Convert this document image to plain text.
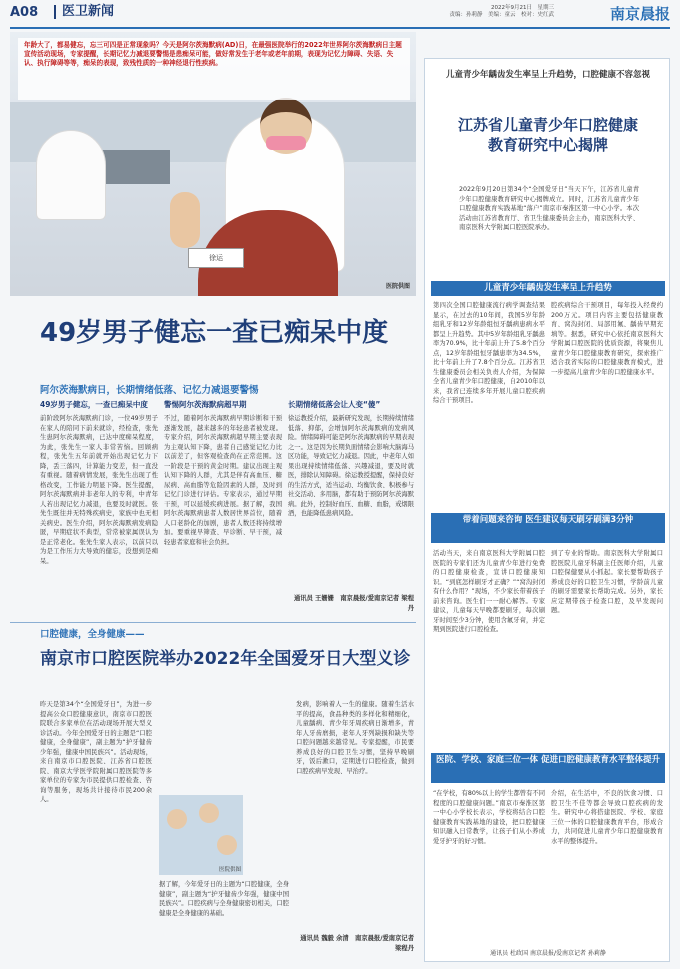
A08	医卫新闻	2022年9月21日　星期三
责编：孙莉静　美编：童云　校对：史红武	南京晨报
徐运
年龄大了，都易健忘，忘三可四是正常现象吗？今天是阿尔茨海默病(AD)日，在最强医院举行的2022年世界阿尔茨海默病日主题宣传活动现场，专家提醒，长期记忆力减退要警惕是患痴呆可能，做好常发生于老年或老年前期，表现为记忆力障碍、失语、失认、执行障碍等等，痴呆的表现，致残性质的一种神经退行性疾病。
医院供图
49岁男子健忘一查已痴呆中度
阿尔茨海默病日，长期情绪低落、记忆力减退要警惕
49岁男子健忘，一查已痴呆中度
前阶段阿尔茨海默病门诊，一位49岁男子在家人的陪同下前来就诊，经检查，张先生患阿尔茨海默病，已达中度痴呆程度，为此，张先生一家人非常苦恼。回顾病程，张先生五年前就开始出现记忆力下降，丢三落四，计算能力变差，但一直没有重视。随着病情发展，张先生出现了性格改变，工作能力明显下降。医生提醒，阿尔茨海默病并非老年人的专利，中青年人若出现记忆力减退，也要及时就医。张先生既往并无特殊疾病史，家族中也无相关病史。医生介绍，阿尔茨海默病发病隐匿，早期症状不典型，常常被家属误认为是正常老化。张先生家人表示，以前只以为是工作压力大导致的健忘，没想到是痴呆。
警惕阿尔茨海默病超早期
不过，随着阿尔茨海默病早期诊断和干预逐渐发展，越来越多的年轻患者被发现。专家介绍，阿尔茨海默病超早期主要表现为主观认知下降，患者自己感觉记忆力比以前差了，但客观检查尚在正常范围。这一阶段是干预的黄金时期。建议出现主观认知下降的人群，尤其是伴有高血压、糖尿病、高血脂等危险因素的人群，及时到记忆门诊进行评估。专家表示，通过早期干预，可以延缓疾病进展。据了解，我国阿尔茨海默病患者人数居世界首位，随着人口老龄化的加剧，患者人数还将持续增加。要重视早筛查、早诊断、早干预，减轻患者家庭和社会负担。
长期情绪低落会让人变“傻”
徐运教授介绍，最新研究发现，长期持续情绪低落、抑郁，会增加阿尔茨海默病的发病风险。情绪障碍可能是阿尔茨海默病的早期表现之一。这是因为长期负面情绪会影响大脑海马区功能，导致记忆力减退。因此，中老年人如果出现持续情绪低落、兴趣减退，要及时就医，排除认知障碍。徐运教授提醒，保持良好的生活方式，适当运动、均衡饮食、积极参与社交活动、多用脑，都有助于预防阿尔茨海默病。此外，控制好血压、血糖、血脂，戒烟限酒，也能降低患病风险。
通讯员 王姗姗　南京晨报/爱南京记者 梁程丹
口腔健康，全身健康——
南京市口腔医院举办2022年全国爱牙日大型义诊
昨天是第34个“全国爱牙日”，为进一步提高公众口腔健康意识，南京市口腔医院联合多家单位在活动现场开展大型义诊活动。今年全国爱牙日的主题是“口腔健康，全身健康”，副主题为“护牙健齿少年强，健康中国民族兴”。活动现场，来自南京市口腔医院、江苏省口腔医院、南京大学医学院附属口腔医院等多家单位的专家为市民提供口腔检查、咨询等服务，现场共计接待市民200余人。
医院供图
据了解，今年爱牙日的主题为“口腔健康，全身健康”，副主题为“护牙健齿少年强，健康中国民族兴”。口腔疾病与全身健康密切相关，口腔健康是全身健康的基础。
发病，影响着人一生的健康。随着生活水平的提高，食品种类的多样化和精细化，儿童龋病、青少年牙周疾病日渐增多，青年人牙齿磨损，老年人牙列缺损和缺失等口腔问题越来越常见。专家提醒，市民要养成良好的口腔卫生习惯，坚持早晚刷牙，饭后漱口，定期进行口腔检查，做到口腔疾病早发现、早治疗。
通讯员 魏毅 余清　南京晨报/爱南京记者 梁程丹
儿童青少年龋齿发生率呈上升趋势，口腔健康不容忽视
江苏省儿童青少年口腔健康教育研究中心揭牌
2022年9月20日第34个“全国爱牙日”当天下午，江苏省儿童青少年口腔健康教育研究中心揭牌成立。同时，江苏省儿童青少年口腔健康教育实践基地“落户”南京市秦淮区第一中心小学。本次活动由江苏省教育厅、省卫生健康委员会主办，南京医科大学、南京医科大学附属口腔医院承办。
儿童青少年龋齿发生率呈上升趋势
第四次全国口腔健康流行病学调查结果显示，在过去的10年间，我国5岁年龄组乳牙和12岁年龄组恒牙龋病患病水平都呈上升趋势。其中5岁年龄组乳牙龋患率为70.9%，比十年前上升了5.8个百分点，12岁年龄组恒牙龋患率为34.5%，比十年前上升了7.8个百分点。江苏省卫生健康委员会相关负责人介绍，为保障全省儿童青少年口腔健康，自2010年以来，我省已连续多年开展儿童口腔疾病综合干预项目。
腔疾病综合干预项目，每年投入经费约200万元。项目内容主要包括健康教育、窝沟封闭、局部用氟、龋齿早期充填等。据悉，研究中心依托南京医科大学附属口腔医院的优质资源，将聚焦儿童青少年口腔健康教育研究，探索推广适合我省实际的口腔健康教育模式，进一步提高儿童青少年的口腔健康水平。
带着问题来咨询 医生建议每天刷牙刷满3分钟
活动当天，来自南京医科大学附属口腔医院的专家们还为儿童青少年进行免费的口腔健康检查，宣讲口腔健康知识。“到底怎样刷牙才正确？”“窝沟封闭有什么作用？”现场，不少家长带着孩子前来咨询。医生们一一耐心解答。专家建议，儿童每天早晚都要刷牙，每次刷牙时间至少3分钟，使用含氟牙膏，并定期到医院进行口腔检查。
到了专业的帮助。南京医科大学附属口腔医院儿童牙科副主任医师介绍，儿童口腔保健要从小抓起。家长要帮助孩子养成良好的口腔卫生习惯，学龄前儿童的刷牙需要家长帮助完成。另外，家长应定期带孩子检查口腔，及早发现问题。
医院、学校、家庭三位一体 促进口腔健康教育水平整体提升
“在学校，有80%以上的学生都曾有不同程度的口腔健康问题。”南京市秦淮区第一中心小学校长表示，学校将结合口腔健康教育实践基地的建设，把口腔健康知识融入日常教学，让孩子们从小养成爱牙护牙的好习惯。
介绍，在生活中，不良的饮食习惯、口腔卫生不佳等都会导致口腔疾病的发生。研究中心将搭建医院、学校、家庭三位一体的口腔健康教育平台，形成合力，共同促进儿童青少年口腔健康教育水平的整体提升。
通讯员 杜政国 南京晨报/爱南京记者 孙莉静
